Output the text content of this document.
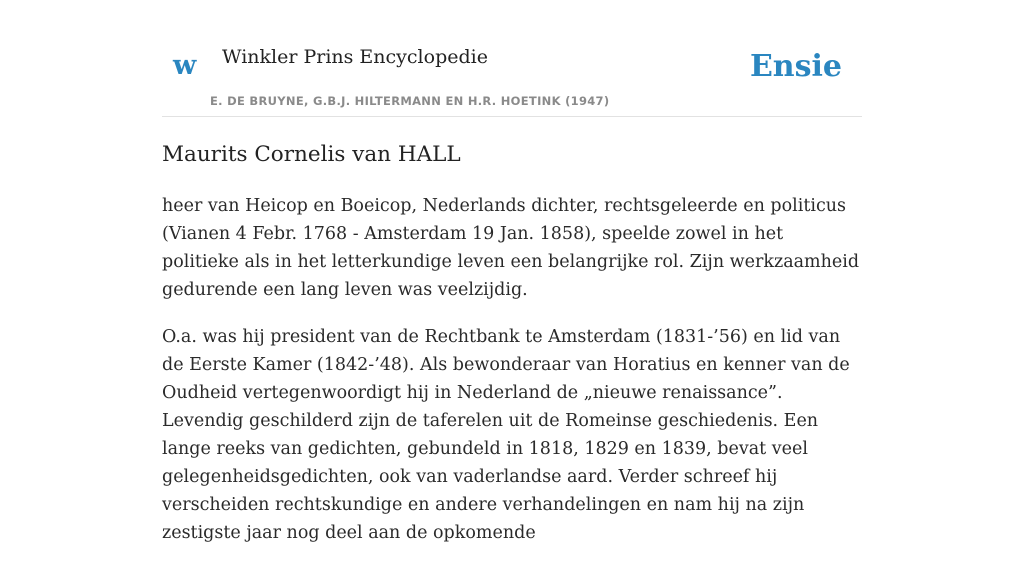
w Winkler Prins Encyclopedie
E. DE BRUYNE, G.B.J. HILTERMANN EN H.R. HOETINK (1947)
Ensie
Maurits Cornelis van HALL

heer van Heicop en Boeicop, Nederlands dichter, rechtsgeleerde en politicus (Vianen 4 Febr. 1768 - Amsterdam 19 Jan. 1858), speelde zowel in het politieke als in het letterkundige leven een belangrijke rol. Zijn werkzaamheid gedurende een lang leven was veelzijdig.

O.a. was hij president van de Rechtbank te Amsterdam (1831-’56) en lid van de Eerste Kamer (1842-’48). Als bewonderaar van Horatius en kenner van de Oudheid vertegenwoordigt hij in Nederland de „nieuwe renaissance”. Levendig geschilderd zijn de taferelen uit de Romeinse geschiedenis. Een lange reeks van gedichten, gebundeld in 1818, 1829 en 1839, bevat veel gelegenheidsgedichten, ook van vaderlandse aard. Verder schreef hij verscheiden rechtskundige en andere verhandelingen en nam hij na zijn zestigste jaar nog deel aan de opkomende
